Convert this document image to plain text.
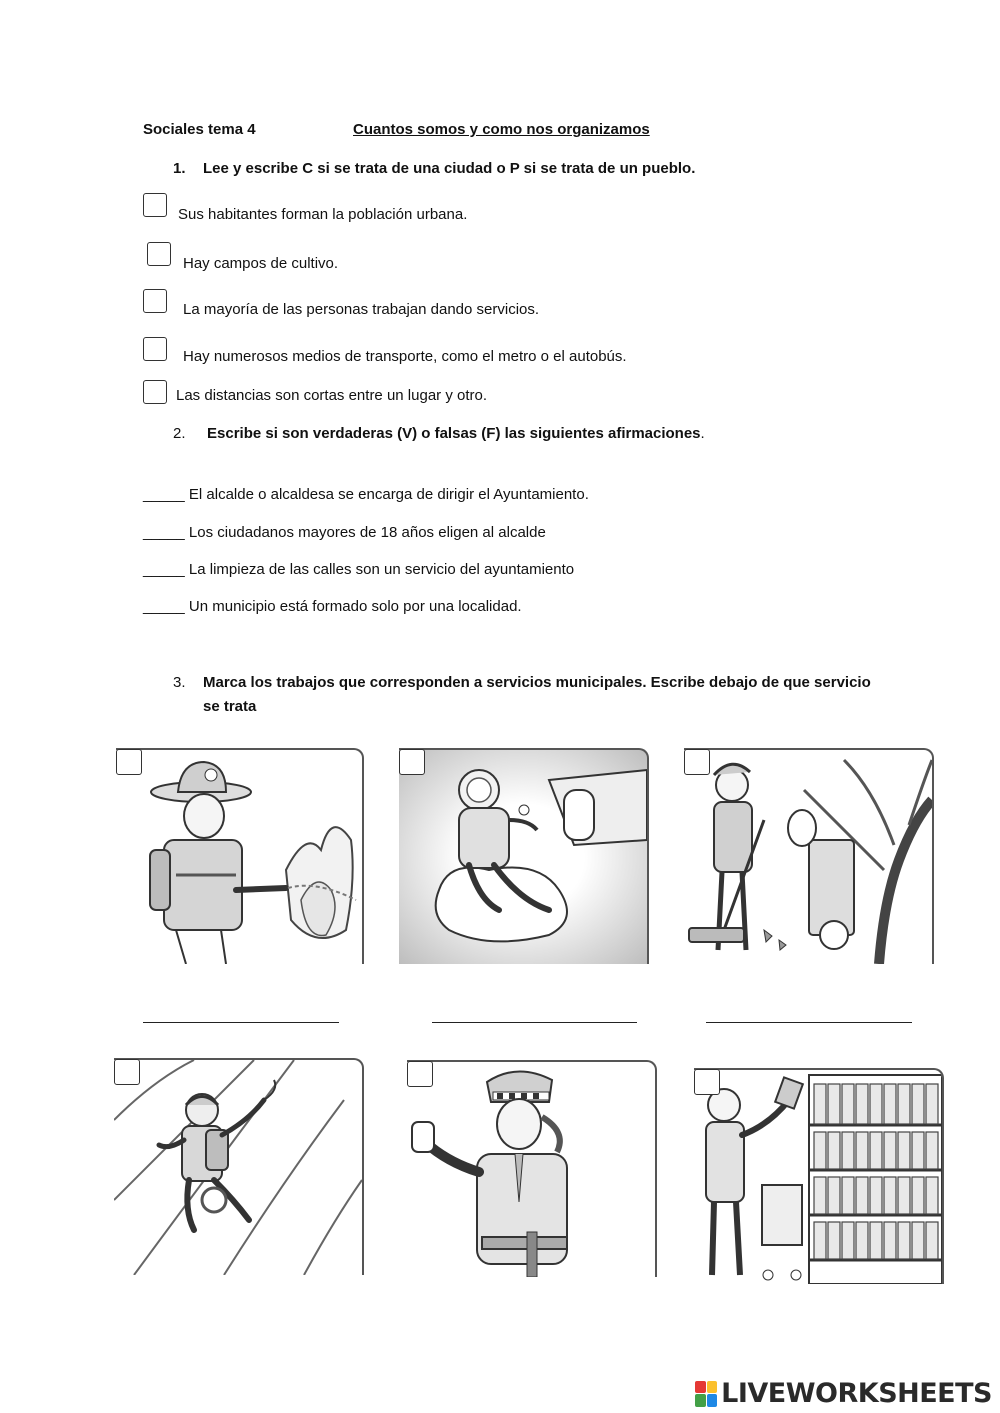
Sociales tema 4	Cuantos somos y como nos organizamos
1. Lee y escribe C si se trata de una ciudad o P si se trata de un pueblo.
Sus habitantes forman la población urbana.
Hay campos de cultivo.
La mayoría de las personas trabajan dando servicios.
Hay numerosos medios de transporte, como el metro o el autobús.
Las distancias son cortas entre un lugar y otro.
2. Escribe si son verdaderas (V) o falsas (F) las siguientes afirmaciones.
_____ El alcalde o alcaldesa se encarga de dirigir el Ayuntamiento.
_____ Los ciudadanos mayores de 18 años eligen al alcalde
_____ La limpieza de las calles son un servicio del ayuntamiento
_____ Un municipio está formado solo por una localidad.
3. Marca los trabajos que corresponden a servicios municipales. Escribe debajo de que servicio
se trata
LIVEWORKSHEETS
